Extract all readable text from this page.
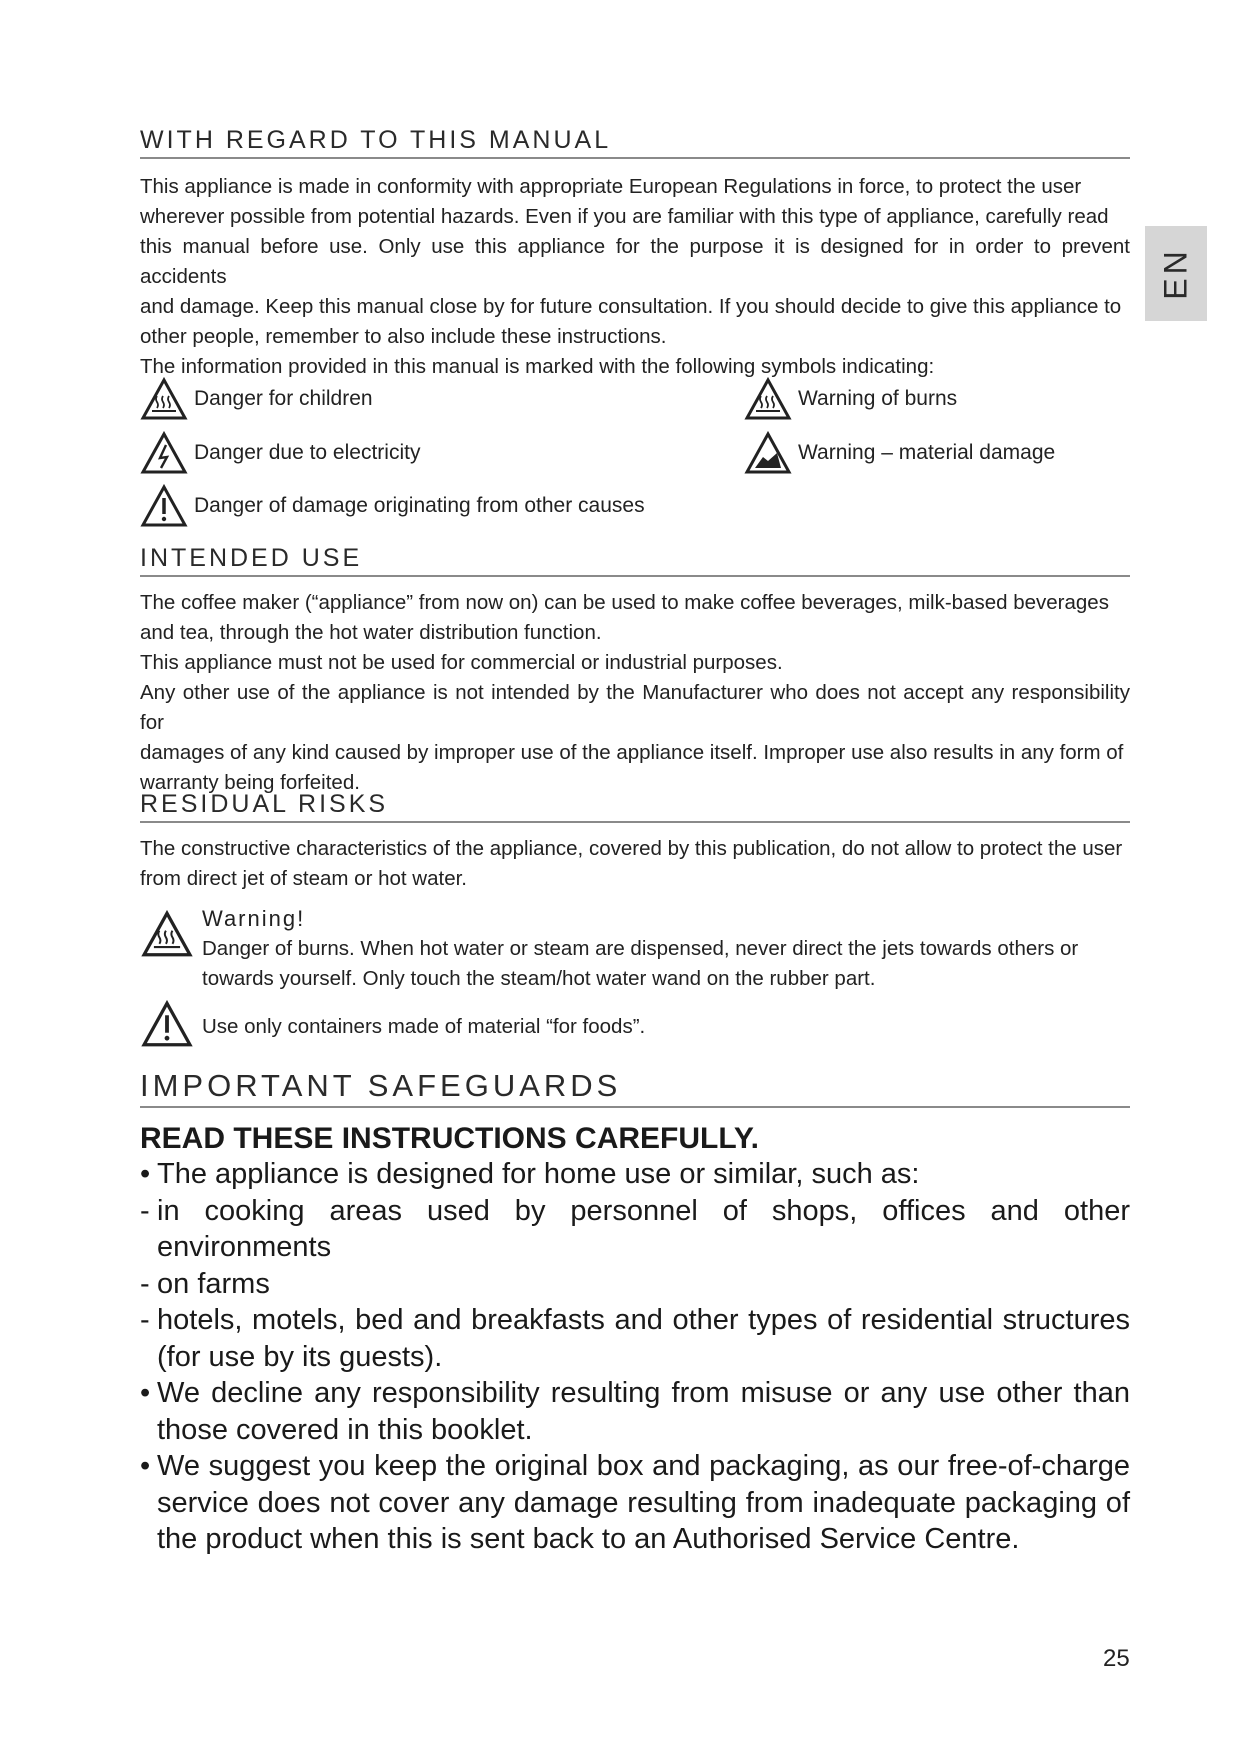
EN
WITH REGARD TO THIS MANUAL
This appliance is made in conformity with appropriate European Regulations in force, to protect the user
wherever possible from potential hazards. Even if you are familiar with this type of appliance, carefully read
this manual before use. Only use this appliance for the purpose it is designed for in order to prevent accidents
and damage. Keep this manual close by for future consultation. If you should decide to give this appliance to
other people, remember to also include these instructions.
The information provided in this manual is marked with the following symbols indicating:
Danger for children
Danger due to electricity
Danger of damage originating from other causes
Warning of burns
Warning – material damage
INTENDED USE
The coffee maker (“appliance” from now on) can be used to make coffee beverages, milk-based beverages
and tea, through the hot water distribution function.
This appliance must not be used for commercial or industrial purposes.
Any other use of the appliance is not intended by the Manufacturer who does not accept any responsibility for
damages of any kind caused by improper use of the appliance itself. Improper use also results in any form of
warranty being forfeited.
RESIDUAL RISKS
The constructive characteristics of the appliance, covered by this publication, do not allow to protect the user
from direct jet of steam or hot water.
Warning!
Danger of burns. When hot water or steam are dispensed, never direct the jets towards others or
towards yourself. Only touch the steam/hot water wand on the rubber part.
Use only containers made of material “for foods”.
IMPORTANT SAFEGUARDS
READ THESE INSTRUCTIONS CAREFULLY.
• The appliance is designed for home use or similar, such as:
- in cooking areas used by personnel of shops, offices and other environments
- on farms
- hotels, motels, bed and breakfasts and other types of residential structures (for use by its guests).
• We decline any responsibility resulting from misuse or any use other than those covered in this booklet.
• We suggest you keep the original box and packaging, as our free-of-charge service does not cover any damage resulting from inadequate packaging of the product when this is sent back to an Authorised Service Centre.
25
